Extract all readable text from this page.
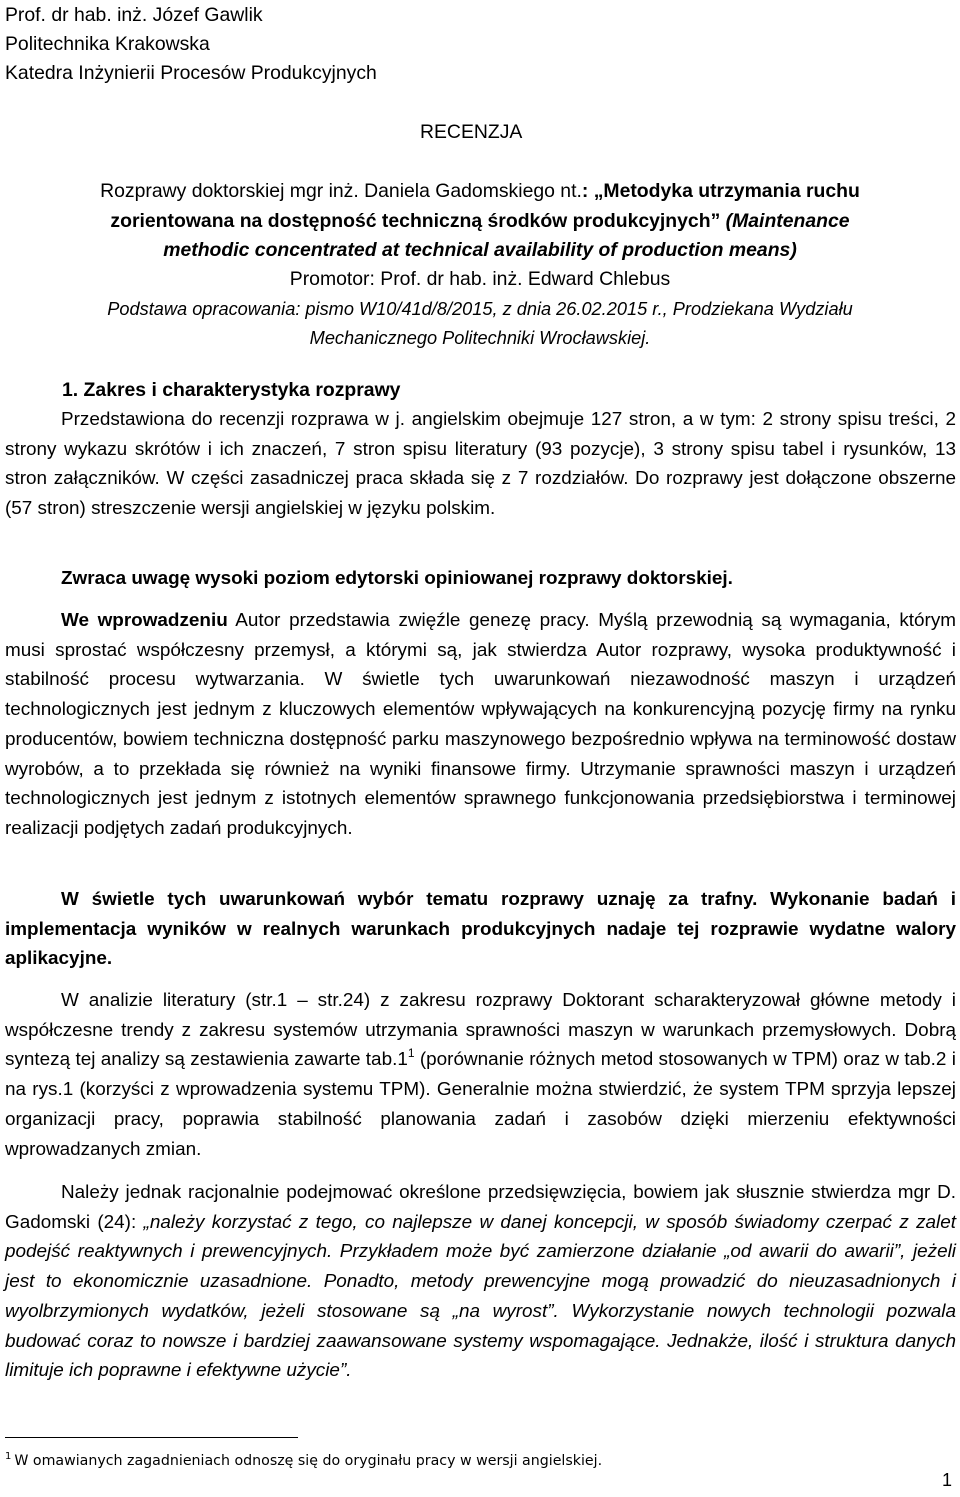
Prof. dr hab. inż. Józef Gawlik
Politechnika Krakowska
Katedra Inżynierii Procesów Produkcyjnych
RECENZJA
Rozprawy doktorskiej mgr inż. Daniela Gadomskiego nt.: „Metodyka utrzymania ruchu
zorientowana na dostępność techniczną środków produkcyjnych” (Maintenance
methodic concentrated at technical availability of production means)
Promotor: Prof. dr hab. inż. Edward Chlebus
Podstawa opracowania: pismo W10/41d/8/2015, z dnia 26.02.2015 r., Prodziekana Wydziału
Mechanicznego Politechniki Wrocławskiej.
1. Zakres i charakterystyka rozprawy
Przedstawiona do recenzji rozprawa w j. angielskim obejmuje 127 stron, a w tym: 2 strony spisu treści, 2 strony wykazu skrótów i ich znaczeń, 7 stron spisu literatury (93 pozycje), 3 strony spisu tabel i rysunków, 13 stron załączników. W części zasadniczej praca składa się z 7 rozdziałów. Do rozprawy jest dołączone obszerne (57 stron) streszczenie wersji angielskiej w języku polskim.
Zwraca uwagę wysoki poziom edytorski opiniowanej rozprawy doktorskiej.
We wprowadzeniu Autor przedstawia zwięźle genezę pracy. Myślą przewodnią są wymagania, którym musi sprostać współczesny przemysł, a którymi są, jak stwierdza Autor rozprawy, wysoka produktywność i stabilność procesu wytwarzania. W świetle tych uwarunkowań niezawodność maszyn i urządzeń technologicznych jest jednym z kluczowych elementów wpływających na konkurencyjną pozycję firmy na rynku producentów, bowiem techniczna dostępność parku maszynowego bezpośrednio wpływa na terminowość dostaw wyrobów, a to przekłada się również na wyniki finansowe firmy. Utrzymanie sprawności maszyn i urządzeń technologicznych jest jednym z istotnych elementów sprawnego funkcjonowania przedsiębiorstwa i terminowej realizacji podjętych zadań produkcyjnych.
W świetle tych uwarunkowań wybór tematu rozprawy uznaję za trafny. Wykonanie badań i implementacja wyników w realnych warunkach produkcyjnych nadaje tej rozprawie wydatne walory aplikacyjne.
W analizie literatury (str.1 – str.24) z zakresu rozprawy Doktorant scharakteryzował główne metody i współczesne trendy z zakresu systemów utrzymania sprawności maszyn w warunkach przemysłowych. Dobrą syntezą tej analizy są zestawienia zawarte tab.1$^1$ (porównanie różnych metod stosowanych w TPM) oraz w tab.2 i na rys.1 (korzyści z wprowadzenia systemu TPM). Generalnie można stwierdzić, że system TPM sprzyja lepszej organizacji pracy, poprawia stabilność planowania zadań i zasobów dzięki mierzeniu efektywności wprowadzanych zmian.
Należy jednak racjonalnie podejmować określone przedsięwzięcia, bowiem jak słusznie stwierdza mgr D. Gadomski (24): „należy korzystać z tego, co najlepsze w danej koncepcji, w sposób świadomy czerpać z zalet podejść reaktywnych i prewencyjnych. Przykładem może być zamierzone działanie „od awarii do awarii”, jeżeli jest to ekonomicznie uzasadnione. Ponadto, metody prewencyjne mogą prowadzić do nieuzasadnionych i wyolbrzymionych wydatków, jeżeli stosowane są „na wyrost”. Wykorzystanie nowych technologii pozwala budować coraz to nowsze i bardziej zaawansowane systemy wspomagające. Jednakże, ilość i struktura danych limituje ich poprawne i efektywne użycie”.
$^1$ W omawianych zagadnieniach odnoszę się do oryginału pracy w wersji angielskiej.
1
